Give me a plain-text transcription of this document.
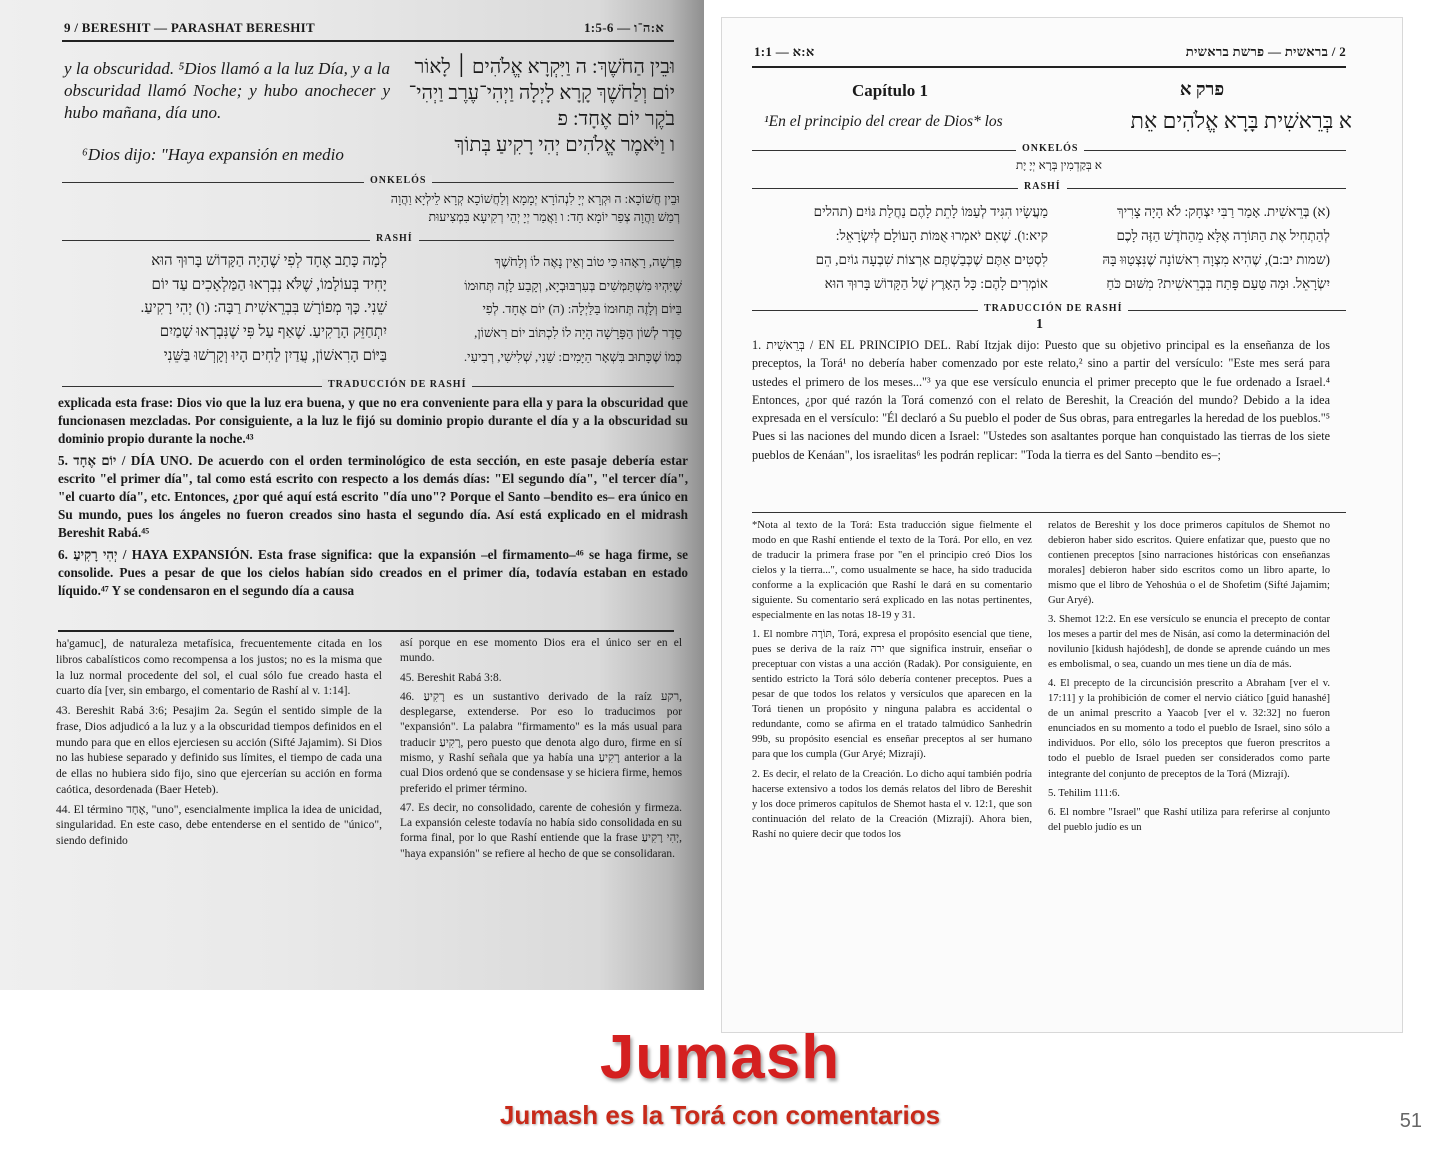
9 / BERESHIT — PARASHAT BERESHIT	1:5-6 — א:ה־ו
y la obscuridad. ⁵Dios llamó a la luz Día, y a la obscuridad llamó Noche; y hubo anochecer y hubo mañana, día uno.
⁶Dios dijo: "Haya expansión en medio
וּבֵין הַחֹשֶׁךְ: ה וַיִּקְרָא אֱלֹהִים ׀ לָאוֹר
יוֹם וְלַחֹשֶׁךְ קָרָא לָיְלָה וַיְהִי־עֶרֶב וַיְהִי־
בֹקֶר יוֹם אֶחָד: פ
ו וַיֹּאמֶר אֱלֹהִים יְהִי רָקִיעַ בְּתוֹךְ
ONKELÓS
וּבֵין חֲשׁוֹכָא: ה וּקְרָא יְיָ לִנְהוֹרָא יְמָמָא וְלַחֲשׁוֹכָא קְרָא לֵילְיָא וַהֲוָה
רְמַשׁ וַהֲוָה צְפַר יוֹמָא חַד: ו וַאֲמַר יְיָ יְהֵי רְקִיעָא בִּמְצִיעוּת
RASHÍ
לְמָה כָּתַב אֶחָד לְפִי שֶׁהָיָה הַקָּדוֹשׁ בָּרוּךְ הוּא
יָחִיד בְּעוֹלָמוֹ, שֶׁלֹּא נִבְרְאוּ הַמַּלְאָכִים עַד יוֹם
שֵׁנִי. כָּךְ מְפוֹרָשׁ בִּבְרֵאשִׁית רַבָּה: (ו) יְהִי רָקִיעַ.
יִתְחַזֵּק הָרָקִיעַ. שֶׁאַף עַל פִּי שֶׁנִּבְרְאוּ שָׁמַיִם
בַּיּוֹם הָרִאשׁוֹן, עֲדַיִן לַחִים הָיוּ וְקָרְשׁוּ בַּשֵּׁנִי
פִּרְשָׁה, רָאָהוּ כִּי טוֹב וְאֵין נָאֶה לוֹ וְלַחֹשֶׁךְ
שֶׁיִּהְיוּ מִשְׁתַּמְּשִׁים בְּעִרְבּוּבְיָא, וְקָבַע לָזֶה תְּחוּמוֹ
בַּיּוֹם וְלָזֶה תְּחוּמוֹ בַּלַּיְלָה: (ה) יוֹם אֶחָד. לְפִי
סֵדֶר לְשׁוֹן הַפָּרָשָׁה הָיָה לוֹ לִכְתּוֹב יוֹם רִאשׁוֹן,
כְּמוֹ שֶׁכָּתוּב בִּשְׁאָר הַיָּמִים: שֵׁנִי, שְׁלִישִׁי, רְבִיעִי.
TRADUCCIÓN DE RASHÍ

explicada esta frase: Dios vio que la luz era buena, y que no era conveniente para ella y para la obscuridad que funcionasen mezcladas. Por consiguiente, a la luz le fijó su dominio propio durante el día y a la obscuridad su dominio propio durante la noche.⁴³

5. יוֹם אֶחָד / DÍA UNO. De acuerdo con el orden terminológico de esta sección, en este pasaje debería estar escrito "el primer día", tal como está escrito con respecto a los demás días: "El segundo día", "el tercer día", "el cuarto día", etc. Entonces, ¿por qué aquí está escrito "día uno"? Porque el Santo –bendito es– era único en Su mundo, pues los ángeles no fueron creados sino hasta el segundo día. Así está explicado en el midrash Bereshit Rabá.⁴⁵

6. יְהִי רָקִיעַ / HAYA EXPANSIÓN. Esta frase significa: que la expansión –el firmamento–⁴⁶ se haga firme, se consolide. Pues a pesar de que los cielos habían sido creados en el primer día, todavía estaban en estado líquido.⁴⁷ Y se condensaron en el segundo día a causa

ha'gamuc], de naturaleza metafísica, frecuentemente citada en los libros cabalísticos como recompensa a los justos; no es la misma que la luz normal procedente del sol, el cual sólo fue creado hasta el cuarto día [ver, sin embargo, el comentario de Rashí al v. 1:14].

43. Bereshit Rabá 3:6; Pesajim 2a. Según el sentido simple de la frase, Dios adjudicó a la luz y a la obscuridad tiempos definidos en el mundo para que en ellos ejerciesen su acción (Sifté Jajamim). Si Dios no las hubiese separado y definido sus límites, el tiempo de cada una de ellas no hubiera sido fijo, sino que ejercerían su acción en forma caótica, desordenada (Baer Heteb).

44. El término אֶחָד, "uno", esencialmente implica la idea de unicidad, singularidad. En este caso, debe entenderse en el sentido de "único", siendo definido

así porque en ese momento Dios era el único ser en el mundo.

45. Bereshit Rabá 3:8.

46. רָקִיעַ es un sustantivo derivado de la raíz רקע, desplegarse, extenderse. Por eso lo traducimos por "expansión". La palabra "firmamento" es la más usual para traducir רָקִיעַ, pero puesto que denota algo duro, firme en sí mismo, y Rashí señala que ya había una רָקִיעַ anterior a la cual Dios ordenó que se condensase y se hiciera firme, hemos preferido el primer término.

47. Es decir, no consolidado, carente de cohesión y firmeza. La expansión celeste todavía no había sido consolidada en su forma final, por lo que Rashí entiende que la frase יְהִי רָקִיעַ, "haya expansión" se refiere al hecho de que se consolidaran.

1:1 — א:א	2 / בראשית — פרשת בראשית
Capítulo 1	פרק א
¹En el principio del crear de Dios* los	א בְּרֵאשִׁית בָּרָא אֱלֹהִים אֵת
ONKELÓS
א בְּקַדְמִין בְּרָא יְיָ יָת
RASHÍ
(א) בְּרֵאשִׁית. אָמַר רַבִּי יִצְחָק: לֹא הָיָה צָרִיךְ
לְהַתְחִיל אֶת הַתּוֹרָה אֶלָּא מֵהַחֹדֶשׁ הַזֶּה לָכֶם
(שמות יב:ב), שֶׁהִיא מִצְוָה רִאשׁוֹנָה שֶׁנִּצְטַוּוּ בָּהּ
יִשְׂרָאֵל. וּמַה טַּעַם פָּתַח בִּבְרֵאשִׁית? מִשּׁוּם כֹּחַ
מַעֲשָׂיו הִגִּיד לְעַמּוֹ לָתֵת לָהֶם נַחֲלַת גּוֹיִם (תהלים
קיא:ו). שֶׁאִם יֹאמְרוּ אֻמּוֹת הָעוֹלָם לְיִשְׂרָאֵל:
לִסְטִים אַתֶּם שֶׁכְּבַשְׁתֶּם אַרְצוֹת שִׁבְעָה גוֹיִם, הֵם
אוֹמְרִים לָהֶם: כָּל הָאָרֶץ שֶׁל הַקָּדוֹשׁ בָּרוּךְ הוּא
TRADUCCIÓN DE RASHÍ
1
1. בְּרֵאשִׁית / EN EL PRINCIPIO DEL. Rabí Itzjak dijo: Puesto que su objetivo principal es la enseñanza de los preceptos, la Torá¹ no debería haber comenzado por este relato,² sino a partir del versículo: "Este mes será para ustedes el primero de los meses..."³ ya que ese versículo enuncia el primer precepto que le fue ordenado a Israel.⁴ Entonces, ¿por qué razón la Torá comenzó con el relato de Bereshit, la Creación del mundo? Debido a la idea expresada en el versículo: "Él declaró a Su pueblo el poder de Sus obras, para entregarles la heredad de los pueblos."⁵ Pues si las naciones del mundo dicen a Israel: "Ustedes son asaltantes porque han conquistado las tierras de los siete pueblos de Kenáan", los israelitas⁶ les podrán replicar: "Toda la tierra es del Santo –bendito es–;

*Nota al texto de la Torá: Esta traducción sigue fielmente el modo en que Rashí entiende el texto de la Torá. Por ello, en vez de traducir la primera frase por "en el principio creó Dios los cielos y la tierra...", como usualmente se hace, ha sido traducida conforme a la explicación que Rashí le dará en su comentario siguiente. Su comentario será explicado en las notas pertinentes, especialmente en las notas 18-19 y 31.

1. El nombre תּוֹרָה, Torá, expresa el propósito esencial que tiene, pues se deriva de la raíz ירה que significa instruir, enseñar o preceptuar con vistas a una acción (Radak). Por consiguiente, en sentido estricto la Torá sólo debería contener preceptos. Pues a pesar de que todos los relatos y versículos que aparecen en la Torá tienen un propósito y ninguna palabra es accidental o redundante, como se afirma en el tratado talmúdico Sanhedrín 99b, su propósito esencial es enseñar preceptos al ser humano para que los cumpla (Gur Aryé; Mizrají).

2. Es decir, el relato de la Creación. Lo dicho aquí también podría hacerse extensivo a todos los demás relatos del libro de Bereshit y los doce primeros capítulos de Shemot hasta el v. 12:1, que son continuación del relato de la Creación (Mizrají). Ahora bien, Rashí no quiere decir que todos los

relatos de Bereshit y los doce primeros capítulos de Shemot no debieron haber sido escritos. Quiere enfatizar que, puesto que no contienen preceptos [sino narraciones históricas con enseñanzas morales] debieron haber sido escritos como un libro aparte, lo mismo que el libro de Yehoshúa o el de Shofetim (Sifté Jajamim; Gur Aryé).

3. Shemot 12:2. En ese versículo se enuncia el precepto de contar los meses a partir del mes de Nisán, así como la determinación del novilunio [kidush hajódesh], de donde se aprende cuándo un mes es embolismal, o sea, cuando un mes tiene un día de más.

4. El precepto de la circuncisión prescrito a Abraham [ver el v. 17:11] y la prohibición de comer el nervio ciático [guid hanashé] de un animal prescrito a Yaacob [ver el v. 32:32] no fueron enunciados en su momento a todo el pueblo de Israel, sino sólo a individuos. Por ello, sólo los preceptos que fueron prescritos a todo el pueblo de Israel pueden ser considerados como parte integrante del conjunto de preceptos de la Torá (Mizrají).

5. Tehilim 111:6.

6. El nombre "Israel" que Rashí utiliza para referirse al conjunto del pueblo judío es un

Jumash
Jumash es la Torá con comentarios	51
